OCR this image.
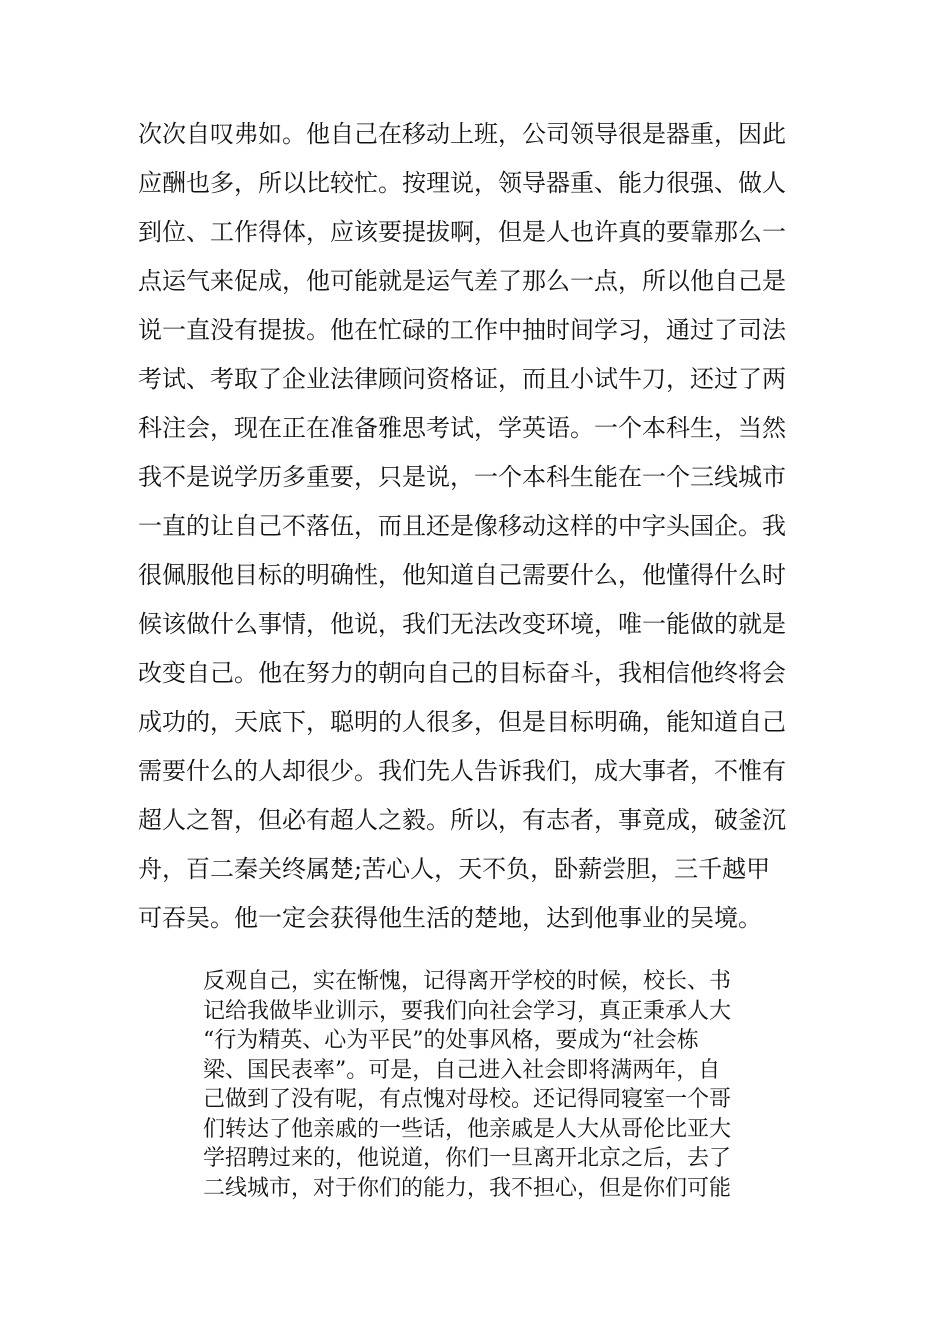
次次自叹弗如。他自己在移动上班，公司领导很是器重，因此
应酬也多，所以比较忙。按理说，领导器重、能力很强、做人
到位、工作得体，应该要提拔啊，但是人也许真的要靠那么一
点运气来促成，他可能就是运气差了那么一点，所以他自己是
说一直没有提拔。他在忙碌的工作中抽时间学习，通过了司法
考试、考取了企业法律顾问资格证，而且小试牛刀，还过了两
科注会，现在正在准备雅思考试，学英语。一个本科生，当然
我不是说学历多重要，只是说，一个本科生能在一个三线城市
一直的让自己不落伍，而且还是像移动这样的中字头国企。我
很佩服他目标的明确性，他知道自己需要什么，他懂得什么时
候该做什么事情，他说，我们无法改变环境，唯一能做的就是
改变自己。他在努力的朝向自己的目标奋斗，我相信他终将会
成功的，天底下，聪明的人很多，但是目标明确，能知道自己
需要什么的人却很少。我们先人告诉我们，成大事者，不惟有
超人之智，但必有超人之毅。所以，有志者，事竟成，破釜沉
舟，百二秦关终属楚;苦心人，天不负，卧薪尝胆，三千越甲
可吞吴。他一定会获得他生活的楚地，达到他事业的吴境。
反观自己，实在惭愧，记得离开学校的时候，校长、书
记给我做毕业训示，要我们向社会学习，真正秉承人大
“行为精英、心为平民”的处事风格，要成为“社会栋
梁、国民表率”。可是，自己进入社会即将满两年，自
己做到了没有呢，有点愧对母校。还记得同寝室一个哥
们转达了他亲戚的一些话，他亲戚是人大从哥伦比亚大
学招聘过来的，他说道，你们一旦离开北京之后，去了
二线城市，对于你们的能力，我不担心，但是你们可能
